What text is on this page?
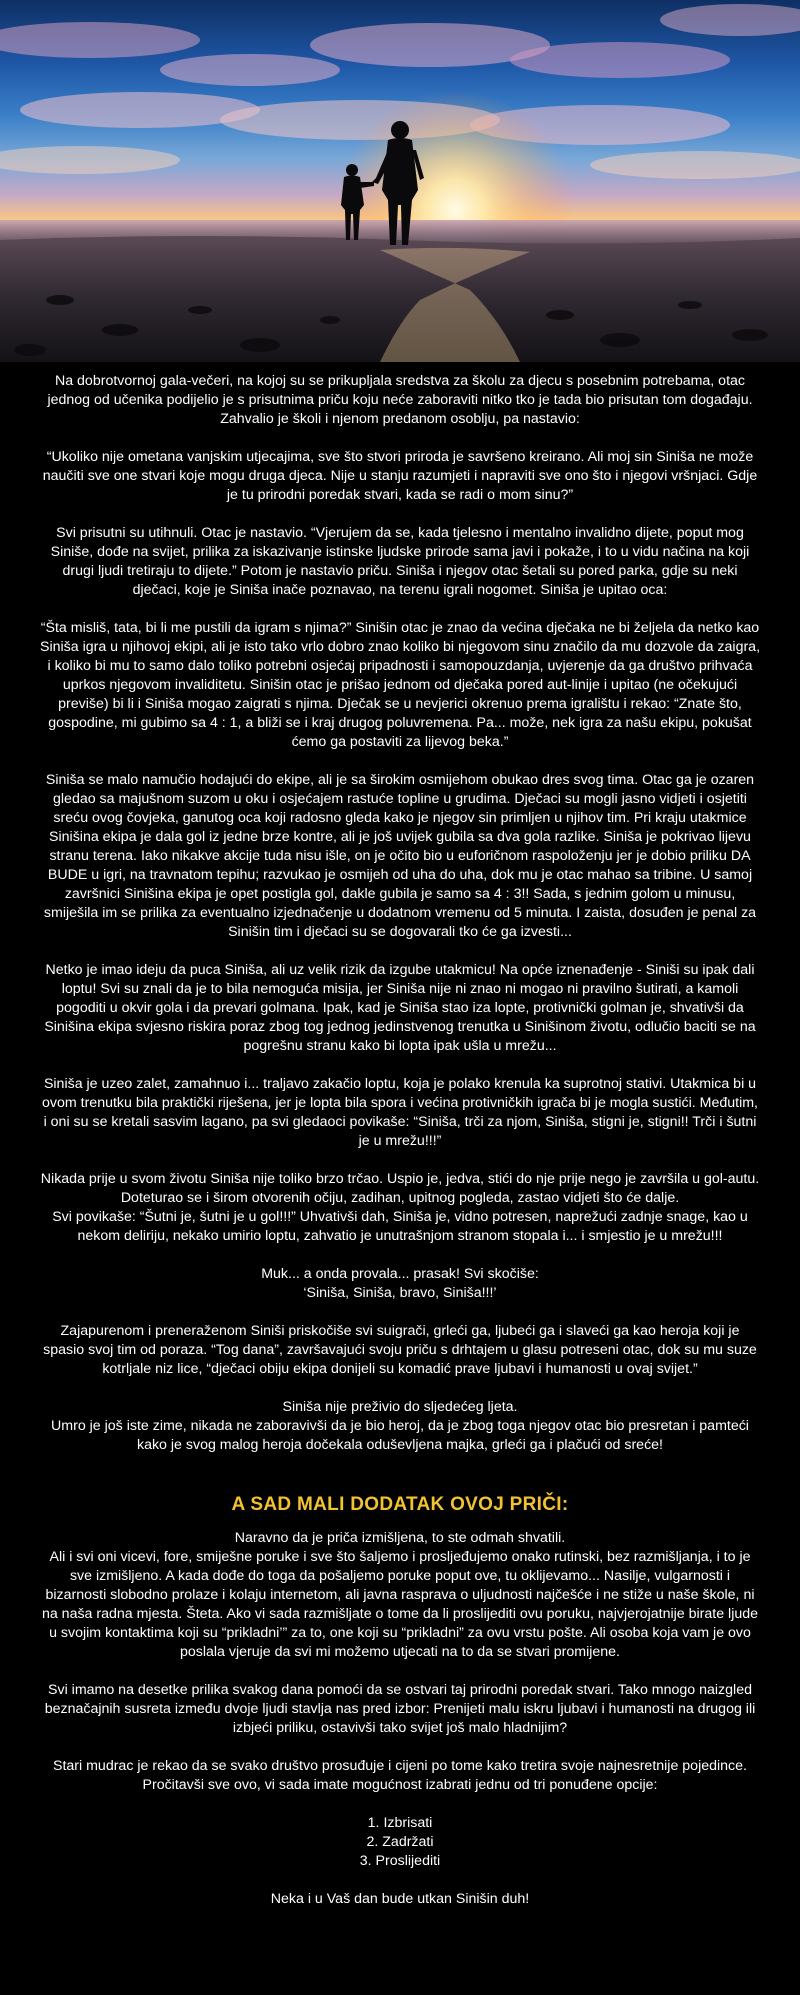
Na dobrotvornoj gala-večeri, na kojoj su se prikupljala sredstva za školu za djecu s posebnim potrebama, otac jednog od učenika podijelio je s prisutnima priču koju neće zaboraviti nitko tko je tada bio prisutan tom događaju. Zahvalio je školi i njenom predanom osoblju, pa nastavio:

“Ukoliko nije ometana vanjskim utjecajima, sve što stvori priroda je savršeno kreirano. Ali moj sin Siniša ne može naučiti sve one stvari koje mogu druga djeca. Nije u stanju razumjeti i napraviti sve ono što i njegovi vršnjaci. Gdje je tu prirodni poredak stvari, kada se radi o mom sinu?”

Svi prisutni su utihnuli. Otac je nastavio. “Vjerujem da se, kada tjelesno i mentalno invalidno dijete, poput mog Siniše, dođe na svijet, prilika za iskazivanje istinske ljudske prirode sama javi i pokaže, i to u vidu načina na koji drugi ljudi tretiraju to dijete.” Potom je nastavio priču. Siniša i njegov otac šetali su pored parka, gdje su neki dječaci, koje je Siniša inače poznavao, na terenu igrali nogomet. Siniša je upitao oca:

“Šta misliš, tata, bi li me pustili da igram s njima?” Sinišin otac je znao da većina dječaka ne bi željela da netko kao Siniša igra u njihovoj ekipi, ali je isto tako vrlo dobro znao koliko bi njegovom sinu značilo da mu dozvole da zaigra, i koliko bi mu to samo dalo toliko potrebni osjećaj pripadnosti i samopouzdanja, uvjerenje da ga društvo prihvaća uprkos njegovom invaliditetu. Sinišin otac je prišao jednom od dječaka pored aut-linije i upitao (ne očekujući previše) bi li i Siniša mogao zaigrati s njima. Dječak se u nevjerici okrenuo prema igralištu i rekao: “Znate što, gospodine, mi gubimo sa 4 : 1, a bliži se i kraj drugog poluvremena. Pa... može, nek igra za našu ekipu, pokušat ćemo ga postaviti za lijevog beka.”

Siniša se malo namučio hodajući do ekipe, ali je sa širokim osmijehom obukao dres svog tima. Otac ga je ozaren gledao sa majušnom suzom u oku i osjećajem rastuće topline u grudima. Dječaci su mogli jasno vidjeti i osjetiti sreću ovog čovjeka, ganutog oca koji radosno gleda kako je njegov sin primljen u njihov tim. Pri kraju utakmice Sinišina ekipa je dala gol iz jedne brze kontre, ali je još uvijek gubila sa dva gola razlike. Siniša je pokrivao lijevu stranu terena. Iako nikakve akcije tuda nisu išle, on je očito bio u euforičnom raspoloženju jer je dobio priliku DA BUDE u igri, na travnatom tepihu; razvukao je osmijeh od uha do uha, dok mu je otac mahao sa tribine. U samoj završnici Sinišina ekipa je opet postigla gol, dakle gubila je samo sa 4 : 3!! Sada, s jednim golom u minusu, smiješila im se prilika za eventualno izjednačenje u dodatnom vremenu od 5 minuta. I zaista, dosuđen je penal za Sinišin tim i dječaci su se dogovarali tko će ga izvesti...

Netko je imao ideju da puca Siniša, ali uz velik rizik da izgube utakmicu! Na opće iznenađenje - Siniši su ipak dali loptu! Svi su znali da je to bila nemoguća misija, jer Siniša nije ni znao ni mogao ni pravilno šutirati, a kamoli pogoditi u okvir gola i da prevari golmana. Ipak, kad je Siniša stao iza lopte, protivnički golman je, shvativši da Sinišina ekipa svjesno riskira poraz zbog tog jednog jedinstvenog trenutka u Sinišinom životu, odlučio baciti se na pogrešnu stranu kako bi lopta ipak ušla u mrežu...

Siniša je uzeo zalet, zamahnuo i... traljavo zakačio loptu, koja je polako krenula ka suprotnoj stativi. Utakmica bi u ovom trenutku bila praktički riješena, jer je lopta bila spora i većina protivničkih igrača bi je mogla sustići. Međutim, i oni su se kretali sasvim lagano, pa svi gledaoci povikaše: “Siniša, trči za njom, Siniša, stigni je, stigni!! Trči i šutni je u mrežu!!!”

Nikada prije u svom životu Siniša nije toliko brzo trčao. Uspio je, jedva, stići do nje prije nego je završila u gol-autu. Doteturao se i širom otvorenih očiju, zadihan, upitnog pogleda, zastao vidjeti što će dalje.
Svi povikaše: “Šutni je, šutni je u gol!!!” Uhvativši dah, Siniša je, vidno potresen, naprežući zadnje snage, kao u nekom deliriju, nekako umirio loptu, zahvatio je unutrašnjom stranom stopala i... i smjestio je u mrežu!!!

Muk... a onda provala... prasak! Svi skočiše:
‘Siniša, Siniša, bravo, Siniša!!!’

Zajapurenom i preneraženom Siniši priskočiše svi suigrači, grleći ga, ljubeći ga i slaveći ga kao heroja koji je spasio svoj tim od poraza. “Tog dana”, završavajući svoju priču s drhtajem u glasu potreseni otac, dok su mu suze kotrljale niz lice, “dječaci obiju ekipa donijeli su komadić prave ljubavi i humanosti u ovaj svijet.”

Siniša nije preživio do sljedećeg ljeta.
Umro je još iste zime, nikada ne zaboravivši da je bio heroj, da je zbog toga njegov otac bio presretan i pamteći kako je svog malog heroja dočekala oduševljena majka, grleći ga i plačući od sreće!

A SAD MALI DODATAK OVOJ PRIČI:

Naravno da je priča izmišljena, to ste odmah shvatili.
Ali i svi oni vicevi, fore, smiješne poruke i sve što šaljemo i prosljeđujemo onako rutinski, bez razmišljanja, i to je sve izmišljeno. A kada dođe do toga da pošaljemo poruke poput ove, tu oklijevamo... Nasilje, vulgarnosti i bizarnosti slobodno prolaze i kolaju internetom, ali javna rasprava o uljudnosti najčešće i ne stiže u naše škole, ni na naša radna mjesta. Šteta. Ako vi sada razmišljate o tome da li proslijediti ovu poruku, najvjerojatnije birate ljude u svojim kontaktima koji su “prikladni’” za to, one koji su “prikladni” za ovu vrstu pošte. Ali osoba koja vam je ovo poslala vjeruje da svi mi možemo utjecati na to da se stvari promijene.

Svi imamo na desetke prilika svakog dana pomoći da se ostvari taj prirodni poredak stvari. Tako mnogo naizgled beznačajnih susreta između dvoje ljudi stavlja nas pred izbor: Prenijeti malu iskru ljubavi i humanosti na drugog ili izbjeći priliku, ostavivši tako svijet još malo hladnijim?

Stari mudrac je rekao da se svako društvo prosuđuje i cijeni po tome kako tretira svoje najnesretnije pojedince. Pročitavši sve ovo, vi sada imate mogućnost izabrati jednu od tri ponuđene opcije:

1. Izbrisati
2. Zadržati
3. Proslijediti

Neka i u Vaš dan bude utkan Sinišin duh!
